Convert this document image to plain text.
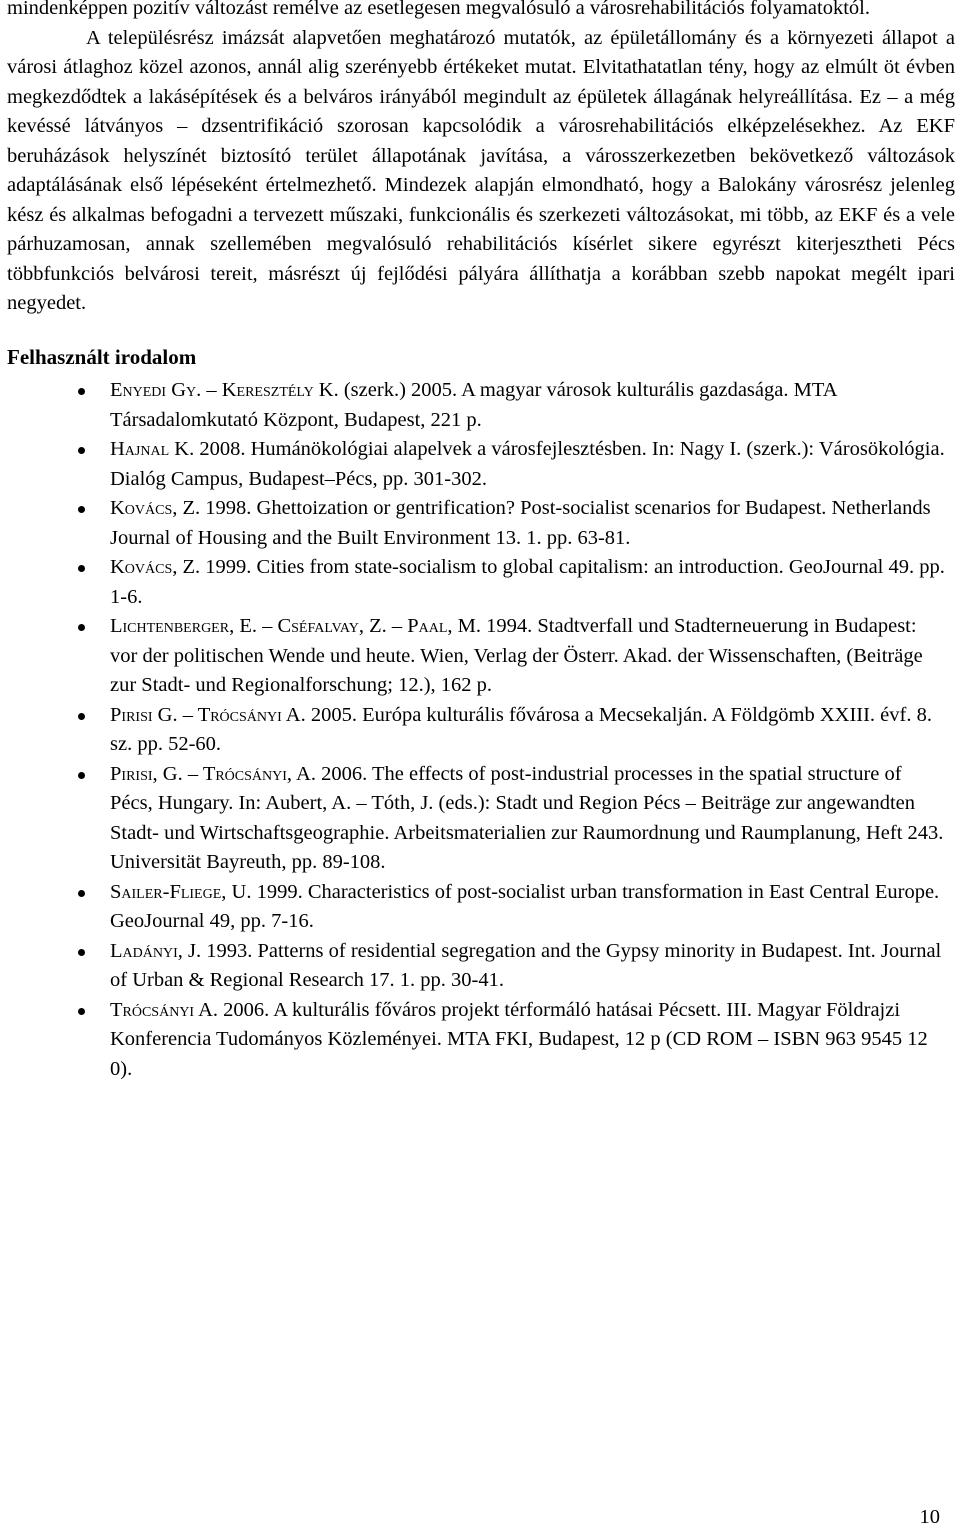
mindenképpen pozitív változást remélve az esetlegesen megvalósuló a városrehabilitációs folyamatoktól.

A településrész imázsát alapvetően meghatározó mutatók, az épületállomány és a környezeti állapot a városi átlaghoz közel azonos, annál alig szerényebb értékeket mutat. Elvitathatatlan tény, hogy az elmúlt öt évben megkezdődtek a lakásépítések és a belváros irányából megindult az épületek állagának helyreállítása. Ez – a még kevéssé látványos – dzsentrifikáció szorosan kapcsolódik a városrehabilitációs elképzelésekhez. Az EKF beruházások helyszínét biztosító terület állapotának javítása, a városszerkezetben bekövetkező változások adaptálásának első lépéseként értelmezhető. Mindezek alapján elmondható, hogy a Balokány városrész jelenleg kész és alkalmas befogadni a tervezett műszaki, funkcionális és szerkezeti változásokat, mi több, az EKF és a vele párhuzamosan, annak szellemében megvalósuló rehabilitációs kísérlet sikere egyrészt kiterjesztheti Pécs többfunkciós belvárosi tereit, másrészt új fejlődési pályára állíthatja a korábban szebb napokat megélt ipari negyedet.

Felhasznált irodalom
Enyedi Gy. – Keresztély K. (szerk.) 2005. A magyar városok kulturális gazdasága. MTA Társadalomkutató Központ, Budapest, 221 p.
Hajnal K. 2008. Humánökológiai alapelvek a városfejlesztésben. In: Nagy I. (szerk.): Városökológia. Dialóg Campus, Budapest–Pécs, pp. 301-302.
Kovács, Z. 1998. Ghettoization or gentrification? Post-socialist scenarios for Budapest. Netherlands Journal of Housing and the Built Environment 13. 1. pp. 63-81.
Kovács, Z. 1999. Cities from state-socialism to global capitalism: an introduction. GeoJournal 49. pp. 1-6.
Lichtenberger, E. – Cséfalvay, Z. – Paal, M. 1994. Stadtverfall und Stadterneuerung in Budapest: vor der politischen Wende und heute. Wien, Verlag der Österr. Akad. der Wissenschaften, (Beiträge zur Stadt- und Regionalforschung; 12.), 162 p.
Pirisi G. – Trócsányi A. 2005. Európa kulturális fővárosa a Mecsekalján. A Földgömb XXIII. évf. 8. sz. pp. 52-60.
Pirisi, G. – Trócsányi, A. 2006. The effects of post-industrial processes in the spatial structure of Pécs, Hungary. In: Aubert, A. – Tóth, J. (eds.): Stadt und Region Pécs – Beiträge zur angewandten Stadt- und Wirtschaftsgeographie. Arbeitsmaterialien zur Raumordnung und Raumplanung, Heft 243. Universität Bayreuth, pp. 89-108.
Sailer-Fliege, U. 1999. Characteristics of post-socialist urban transformation in East Central Europe. GeoJournal 49, pp. 7-16.
Ladányi, J. 1993. Patterns of residential segregation and the Gypsy minority in Budapest. Int. Journal of Urban & Regional Research 17. 1. pp. 30-41.
Trócsányi A. 2006. A kulturális főváros projekt térformáló hatásai Pécsett. III. Magyar Földrajzi Konferencia Tudományos Közleményei. MTA FKI, Budapest, 12 p (CD ROM – ISBN 963 9545 12 0).
10
